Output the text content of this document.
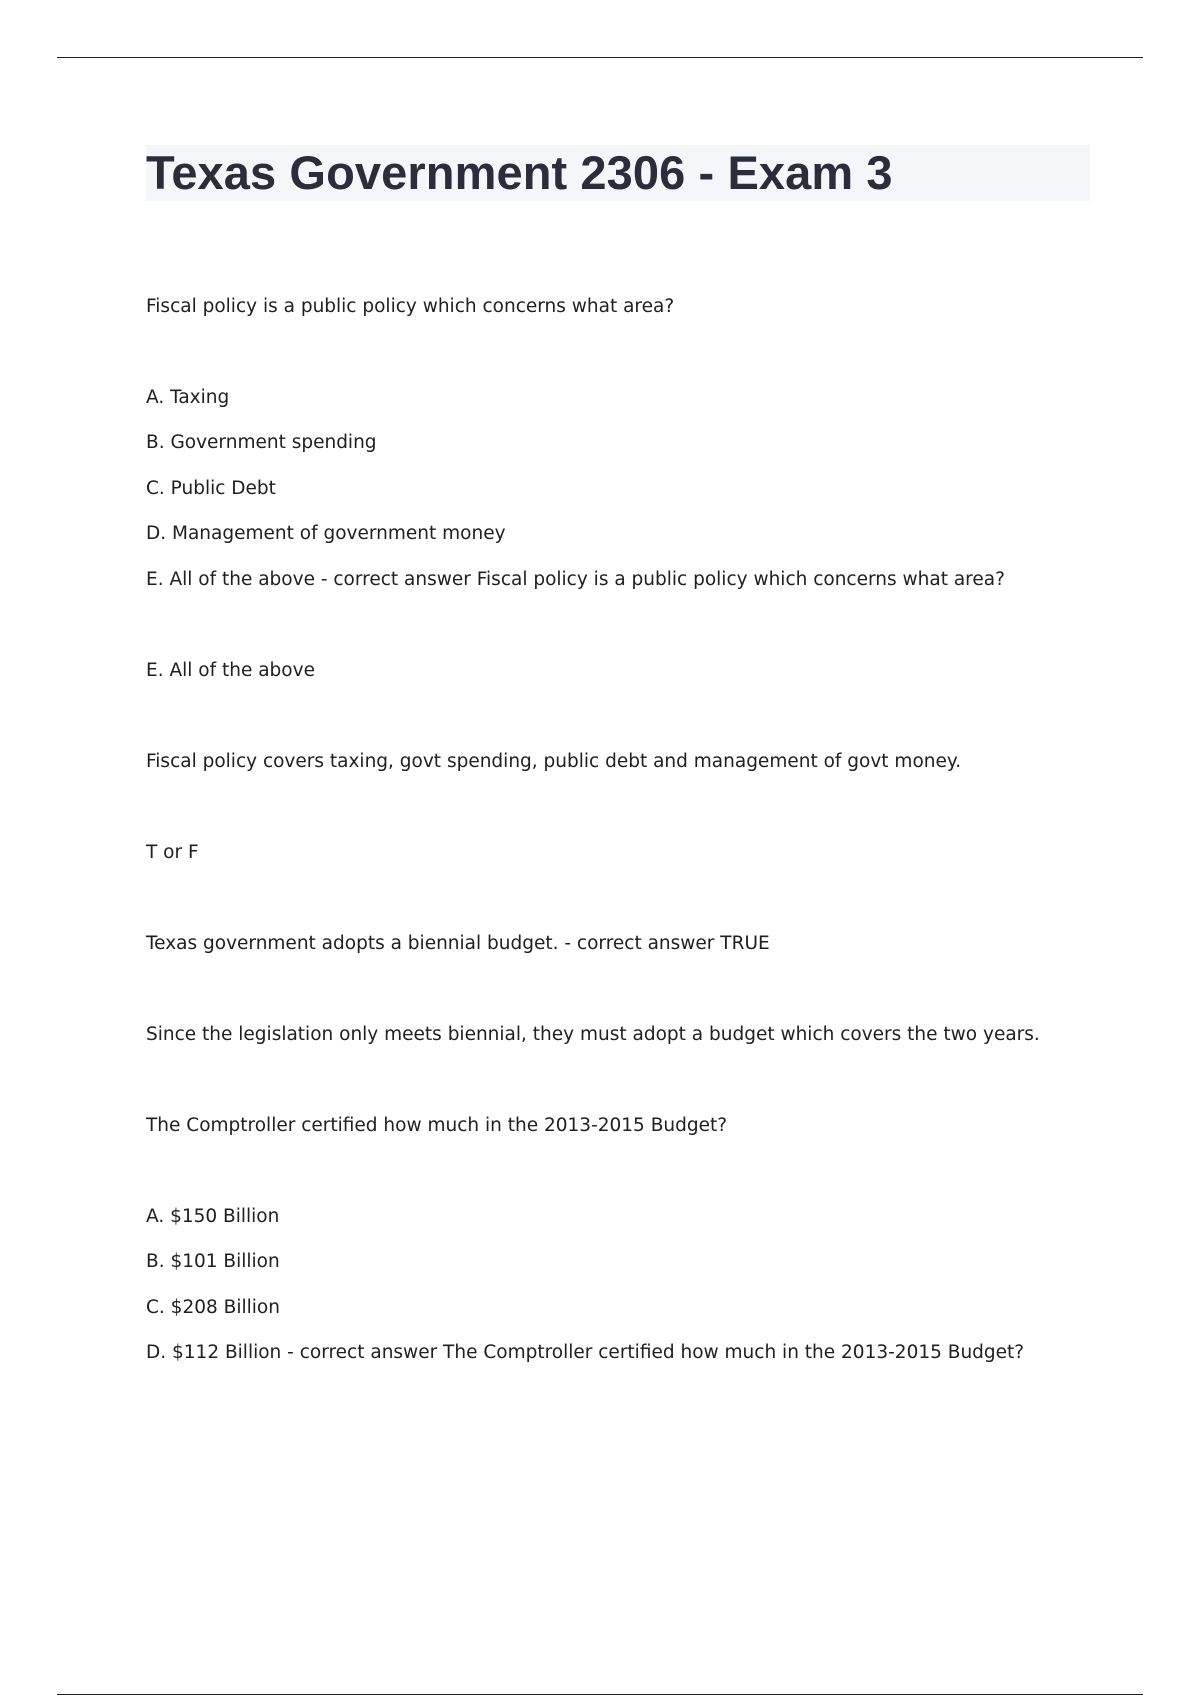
Texas Government 2306 - Exam 3
Fiscal policy is a public policy which concerns what area?
A. Taxing
B. Government spending
C. Public Debt
D. Management of government money
E. All of the above - correct answer Fiscal policy is a public policy which concerns what area?
E. All of the above
Fiscal policy covers taxing, govt spending, public debt and management of govt money.
T or F
Texas government adopts a biennial budget. - correct answer TRUE
Since the legislation only meets biennial, they must adopt a budget which covers the two years.
The Comptroller certified how much in the 2013-2015 Budget?
A. $150 Billion
B. $101 Billion
C. $208 Billion
D. $112 Billion - correct answer The Comptroller certified how much in the 2013-2015 Budget?
